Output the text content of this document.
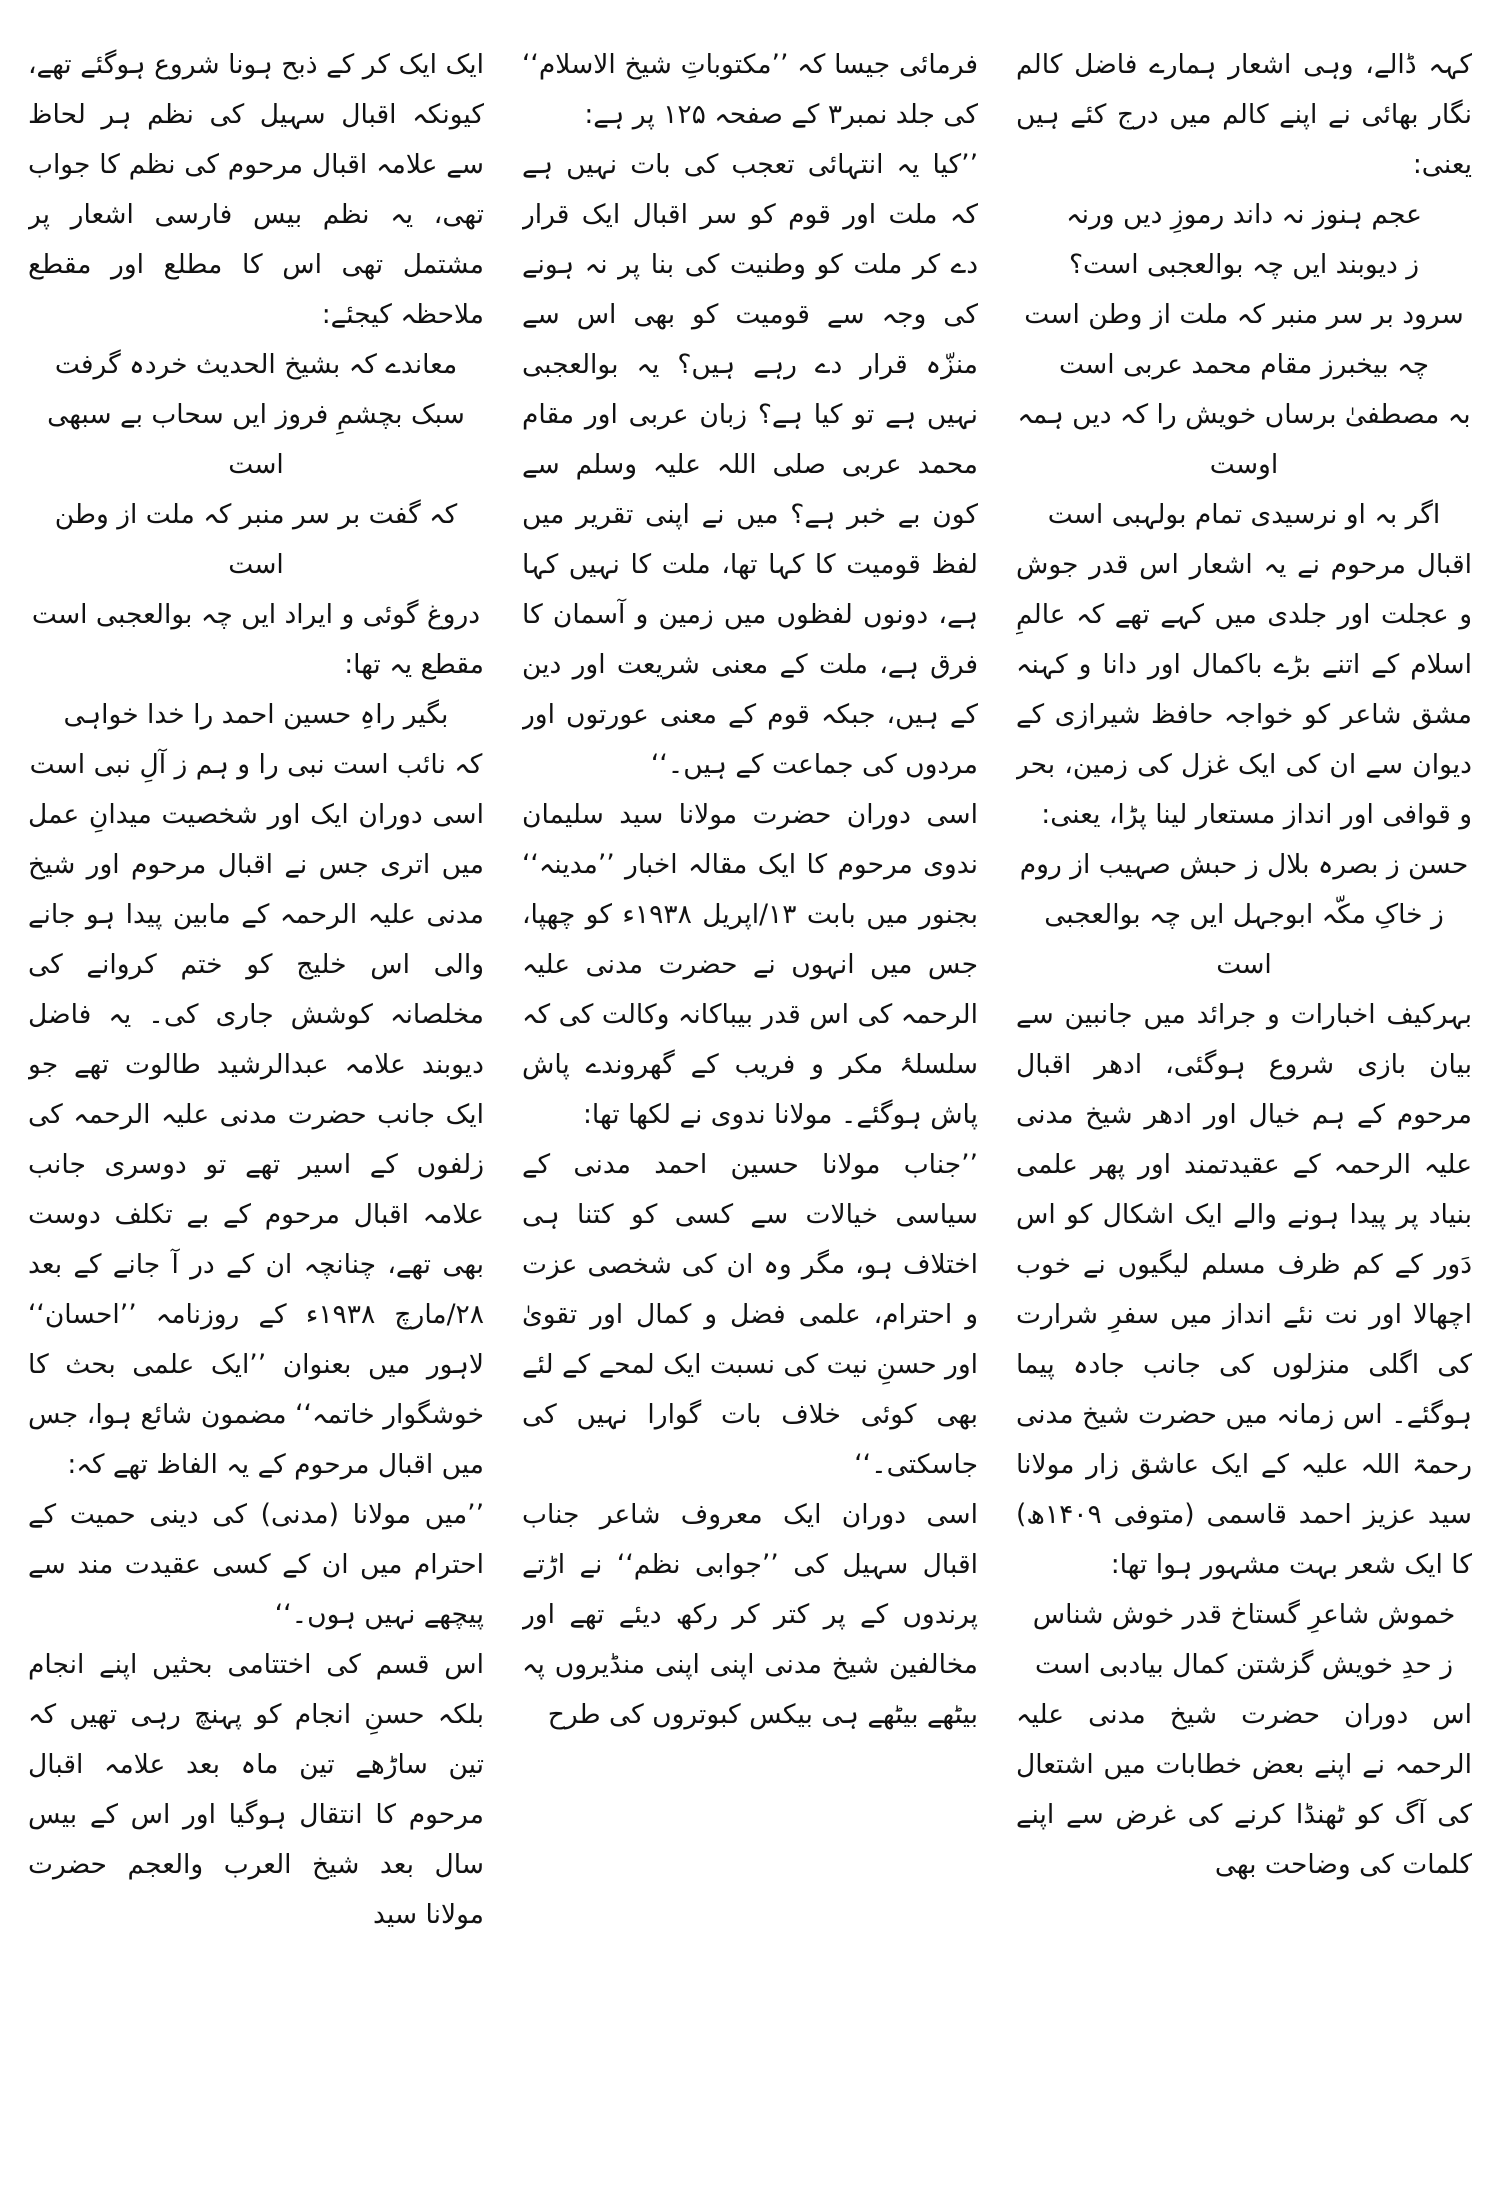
کہہ ڈالے، وہی اشعار ہمارے فاضل کالم نگار بھائی نے اپنے کالم میں درج کئے ہیں یعنی:

عجم ہنوز نہ داند رموزِ دیں ورنہ

ز دیوبند ایں چہ بوالعجبی است؟

سرود بر سر منبر کہ ملت از وطن است

چہ بیخبرز مقام محمد عربی است

بہ مصطفیٰ برساں خویش را کہ دیں ہمہ اوست

اگر بہ او نرسیدی تمام بولہبی است

اقبال مرحوم نے یہ اشعار اس قدر جوش و عجلت اور جلدی میں کہے تھے کہ عالمِ اسلام کے اتنے بڑے باکمال اور دانا و کہنہ مشق شاعر کو خواجہ حافظ شیرازی کے دیوان سے ان کی ایک غزل کی زمین، بحر و قوافی اور انداز مستعار لینا پڑا، یعنی:

حسن ز بصرہ بلال ز حبش صہیب از روم

ز خاکِ مکّہ ابوجہل ایں چہ بوالعجبی است

بہرکیف اخبارات و جرائد میں جانبین سے بیان بازی شروع ہوگئی، ادھر اقبال مرحوم کے ہم خیال اور ادھر شیخ مدنی علیہ الرحمہ کے عقیدتمند اور پھر علمی بنیاد پر پیدا ہونے والے ایک اشکال کو اس دَور کے کم ظرف مسلم لیگیوں نے خوب اچھالا اور نت نئے انداز میں سفرِ شرارت کی اگلی منزلوں کی جانب جادہ پیما ہوگئے۔ اس زمانہ میں حضرت شیخ مدنی رحمۃ اللہ علیہ کے ایک عاشق زار مولانا سید عزیز احمد قاسمی (متوفی ۱۴۰۹ھ) کا ایک شعر بہت مشہور ہوا تھا:

خموش شاعرِ گستاخ قدر خوش شناس

ز حدِ خویش گزشتن کمال بیادبی است

اس دوران حضرت شیخ مدنی علیہ الرحمہ نے اپنے بعض خطابات میں اشتعال کی آگ کو ٹھنڈا کرنے کی غرض سے اپنے کلمات کی وضاحت بھی

فرمائی جیسا کہ ’’مکتوباتِ شیخ الاسلام‘‘ کی جلد نمبر۳ کے صفحہ ۱۲۵ پر ہے:

’’کیا یہ انتہائی تعجب کی بات نہیں ہے کہ ملت اور قوم کو سر اقبال ایک قرار دے کر ملت کو وطنیت کی بنا پر نہ ہونے کی وجہ سے قومیت کو بھی اس سے منزّہ قرار دے رہے ہیں؟ یہ بوالعجبی نہیں ہے تو کیا ہے؟ زبان عربی اور مقام محمد عربی صلی اللہ علیہ وسلم سے کون بے خبر ہے؟ میں نے اپنی تقریر میں لفظ قومیت کا کہا تھا، ملت کا نہیں کہا ہے، دونوں لفظوں میں زمین و آسمان کا فرق ہے، ملت کے معنی شریعت اور دین کے ہیں، جبکہ قوم کے معنی عورتوں اور مردوں کی جماعت کے ہیں۔‘‘

اسی دوران حضرت مولانا سید سلیمان ندوی مرحوم کا ایک مقالہ اخبار ’’مدینہ‘‘ بجنور میں بابت ۱۳/اپریل ۱۹۳۸ء کو چھپا، جس میں انہوں نے حضرت مدنی علیہ الرحمہ کی اس قدر بیباکانہ وکالت کی کہ سلسلۂ مکر و فریب کے گھروندے پاش پاش ہوگئے۔ مولانا ندوی نے لکھا تھا:

’’جناب مولانا حسین احمد مدنی کے سیاسی خیالات سے کسی کو کتنا ہی اختلاف ہو، مگر وہ ان کی شخصی عزت و احترام، علمی فضل و کمال اور تقویٰ اور حسنِ نیت کی نسبت ایک لمحے کے لئے بھی کوئی خلاف بات گوارا نہیں کی جاسکتی۔‘‘

اسی دوران ایک معروف شاعر جناب اقبال سہیل کی ’’جوابی نظم‘‘ نے اڑتے پرندوں کے پر کتر کر رکھ دیئے تھے اور مخالفین شیخ مدنی اپنی اپنی منڈیروں پہ بیٹھے بیٹھے ہی بیکس کبوتروں کی طرح

ایک ایک کر کے ذبح ہونا شروع ہوگئے تھے، کیونکہ اقبال سہیل کی نظم ہر لحاظ سے علامہ اقبال مرحوم کی نظم کا جواب تھی، یہ نظم بیس فارسی اشعار پر مشتمل تھی اس کا مطلع اور مقطع ملاحظہ کیجئے:

معاندے کہ بشیخ الحدیث خردہ گرفت

سبک بچشمِ فروز ایں سحاب بے سبھی است

کہ گفت بر سر منبر کہ ملت از وطن است

دروغ گوئی و ایراد ایں چہ بوالعجبی است

مقطع یہ تھا:

بگیر راہِ حسین احمد را خدا خواہی

کہ نائب است نبی را و ہم ز آلِ نبی است

اسی دوران ایک اور شخصیت میدانِ عمل میں اتری جس نے اقبال مرحوم اور شیخ مدنی علیہ الرحمہ کے مابین پیدا ہو جانے والی اس خلیج کو ختم کروانے کی مخلصانہ کوشش جاری کی۔ یہ فاضل دیوبند علامہ عبدالرشید طالوت تھے جو ایک جانب حضرت مدنی علیہ الرحمہ کی زلفوں کے اسیر تھے تو دوسری جانب علامہ اقبال مرحوم کے بے تکلف دوست بھی تھے، چنانچہ ان کے در آ جانے کے بعد ۲۸/مارچ ۱۹۳۸ء کے روزنامہ ’’احسان‘‘ لاہور میں بعنوان ’’ایک علمی بحث کا خوشگوار خاتمہ‘‘ مضمون شائع ہوا، جس میں اقبال مرحوم کے یہ الفاظ تھے کہ:

’’میں مولانا (مدنی) کی دینی حمیت کے احترام میں ان کے کسی عقیدت مند سے پیچھے نہیں ہوں۔‘‘

اس قسم کی اختتامی بحثیں اپنے انجام بلکہ حسنِ انجام کو پہنچ رہی تھیں کہ تین ساڑھے تین ماہ بعد علامہ اقبال مرحوم کا انتقال ہوگیا اور اس کے بیس سال بعد شیخ العرب والعجم حضرت مولانا سید
